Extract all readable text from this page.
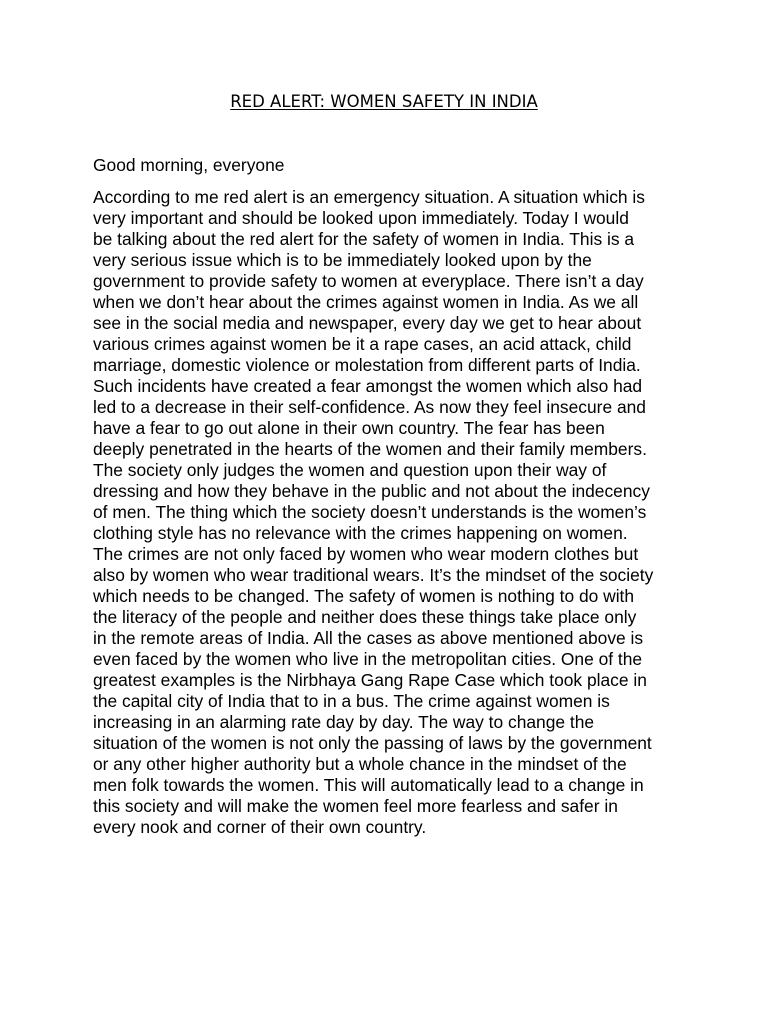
RED ALERT: WOMEN SAFETY IN INDIA
Good morning, everyone
According to me red alert is an emergency situation. A situation which is
very important and should be looked upon immediately. Today I would
be talking about the red alert for the safety of women in India. This is a
very serious issue which is to be immediately looked upon by the
government to provide safety to women at everyplace. There isn’t a day
when we don’t hear about the crimes against women in India. As we all
see in the social media and newspaper, every day we get to hear about
various crimes against women be it a rape cases, an acid attack, child
marriage, domestic violence or molestation from different parts of India.
Such incidents have created a fear amongst the women which also had
led to a decrease in their self-confidence. As now they feel insecure and
have a fear to go out alone in their own country. The fear has been
deeply penetrated in the hearts of the women and their family members.
The society only judges the women and question upon their way of
dressing and how they behave in the public and not about the indecency
of men. The thing which the society doesn’t understands is the women’s
clothing style has no relevance with the crimes happening on women.
The crimes are not only faced by women who wear modern clothes but
also by women who wear traditional wears. It’s the mindset of the society
which needs to be changed. The safety of women is nothing to do with
the literacy of the people and neither does these things take place only
in the remote areas of India. All the cases as above mentioned above is
even faced by the women who live in the metropolitan cities. One of the
greatest examples is the Nirbhaya Gang Rape Case which took place in
the capital city of India that to in a bus. The crime against women is
increasing in an alarming rate day by day. The way to change the
situation of the women is not only the passing of laws by the government
or any other higher authority but a whole chance in the mindset of the
men folk towards the women. This will automatically lead to a change in
this society and will make the women feel more fearless and safer in
every nook and corner of their own country.
